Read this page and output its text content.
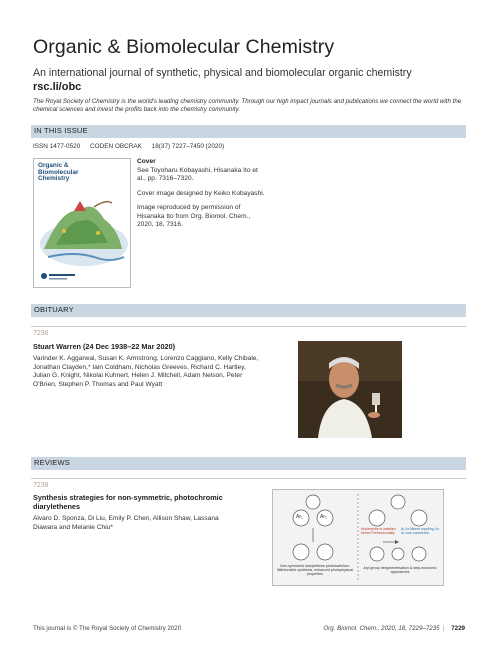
Organic & Biomolecular Chemistry
An international journal of synthetic, physical and biomolecular organic chemistry
rsc.li/obc
The Royal Society of Chemistry is the world's leading chemistry community. Through our high impact journals and publications we connect the world with the chemical sciences and invest the profits back into the chemistry community.
IN THIS ISSUE
ISSN 1477-0520 CODEN OBCRAK 18(37) 7227–7450 (2020)
Organic & Biomolecular Chemistry

Cover
See Toyoharu Kobayashi, Hisanaka Ito et al., pp. 7316–7320.

Cover image designed by Keiko Kobayashi.

Image reproduced by permission of Hisanaka Ito from Org. Biomol. Chem., 2020, 18, 7316.

OBITUARY
7236
Stuart Warren (24 Dec 1938–22 Mar 2020)
Varinder K. Aggarwal, Susan K. Armstrong, Lorenzo Caggiano, Kelly Chibale, Jonathan Clayden,* Iain Coldham, Nicholas Greeves, Richard C. Hartley, Julian G. Knight, Nikolai Kuhnert, Helen J. Mitchell, Adam Nelson, Peter O'Brien, Stephen P. Thomas and Paul Wyatt
REVIEWS
7238
Synthesis strategies for non-symmetric, photochromic diarylethenes
Alvaro D. Sponza, Di Liu, Emily P. Chen, Allison Shaw, Lassana Diawara and Melanie Chiu*
Ar₁	Ar₂
Non-symmetric diarylethene photoswitches: little/tunable synthesis, enhanced photophysical properties
Nucleophile is installed before Prefunctionality
Ar-Ar Alkene coupling, Ar-Ar core connection
Aryl group desymmetrisation & step-economic approaches
This journal is © The Royal Society of Chemistry 2020	Org. Biomol. Chem., 2020, 18, 7229–7235 | 7229
